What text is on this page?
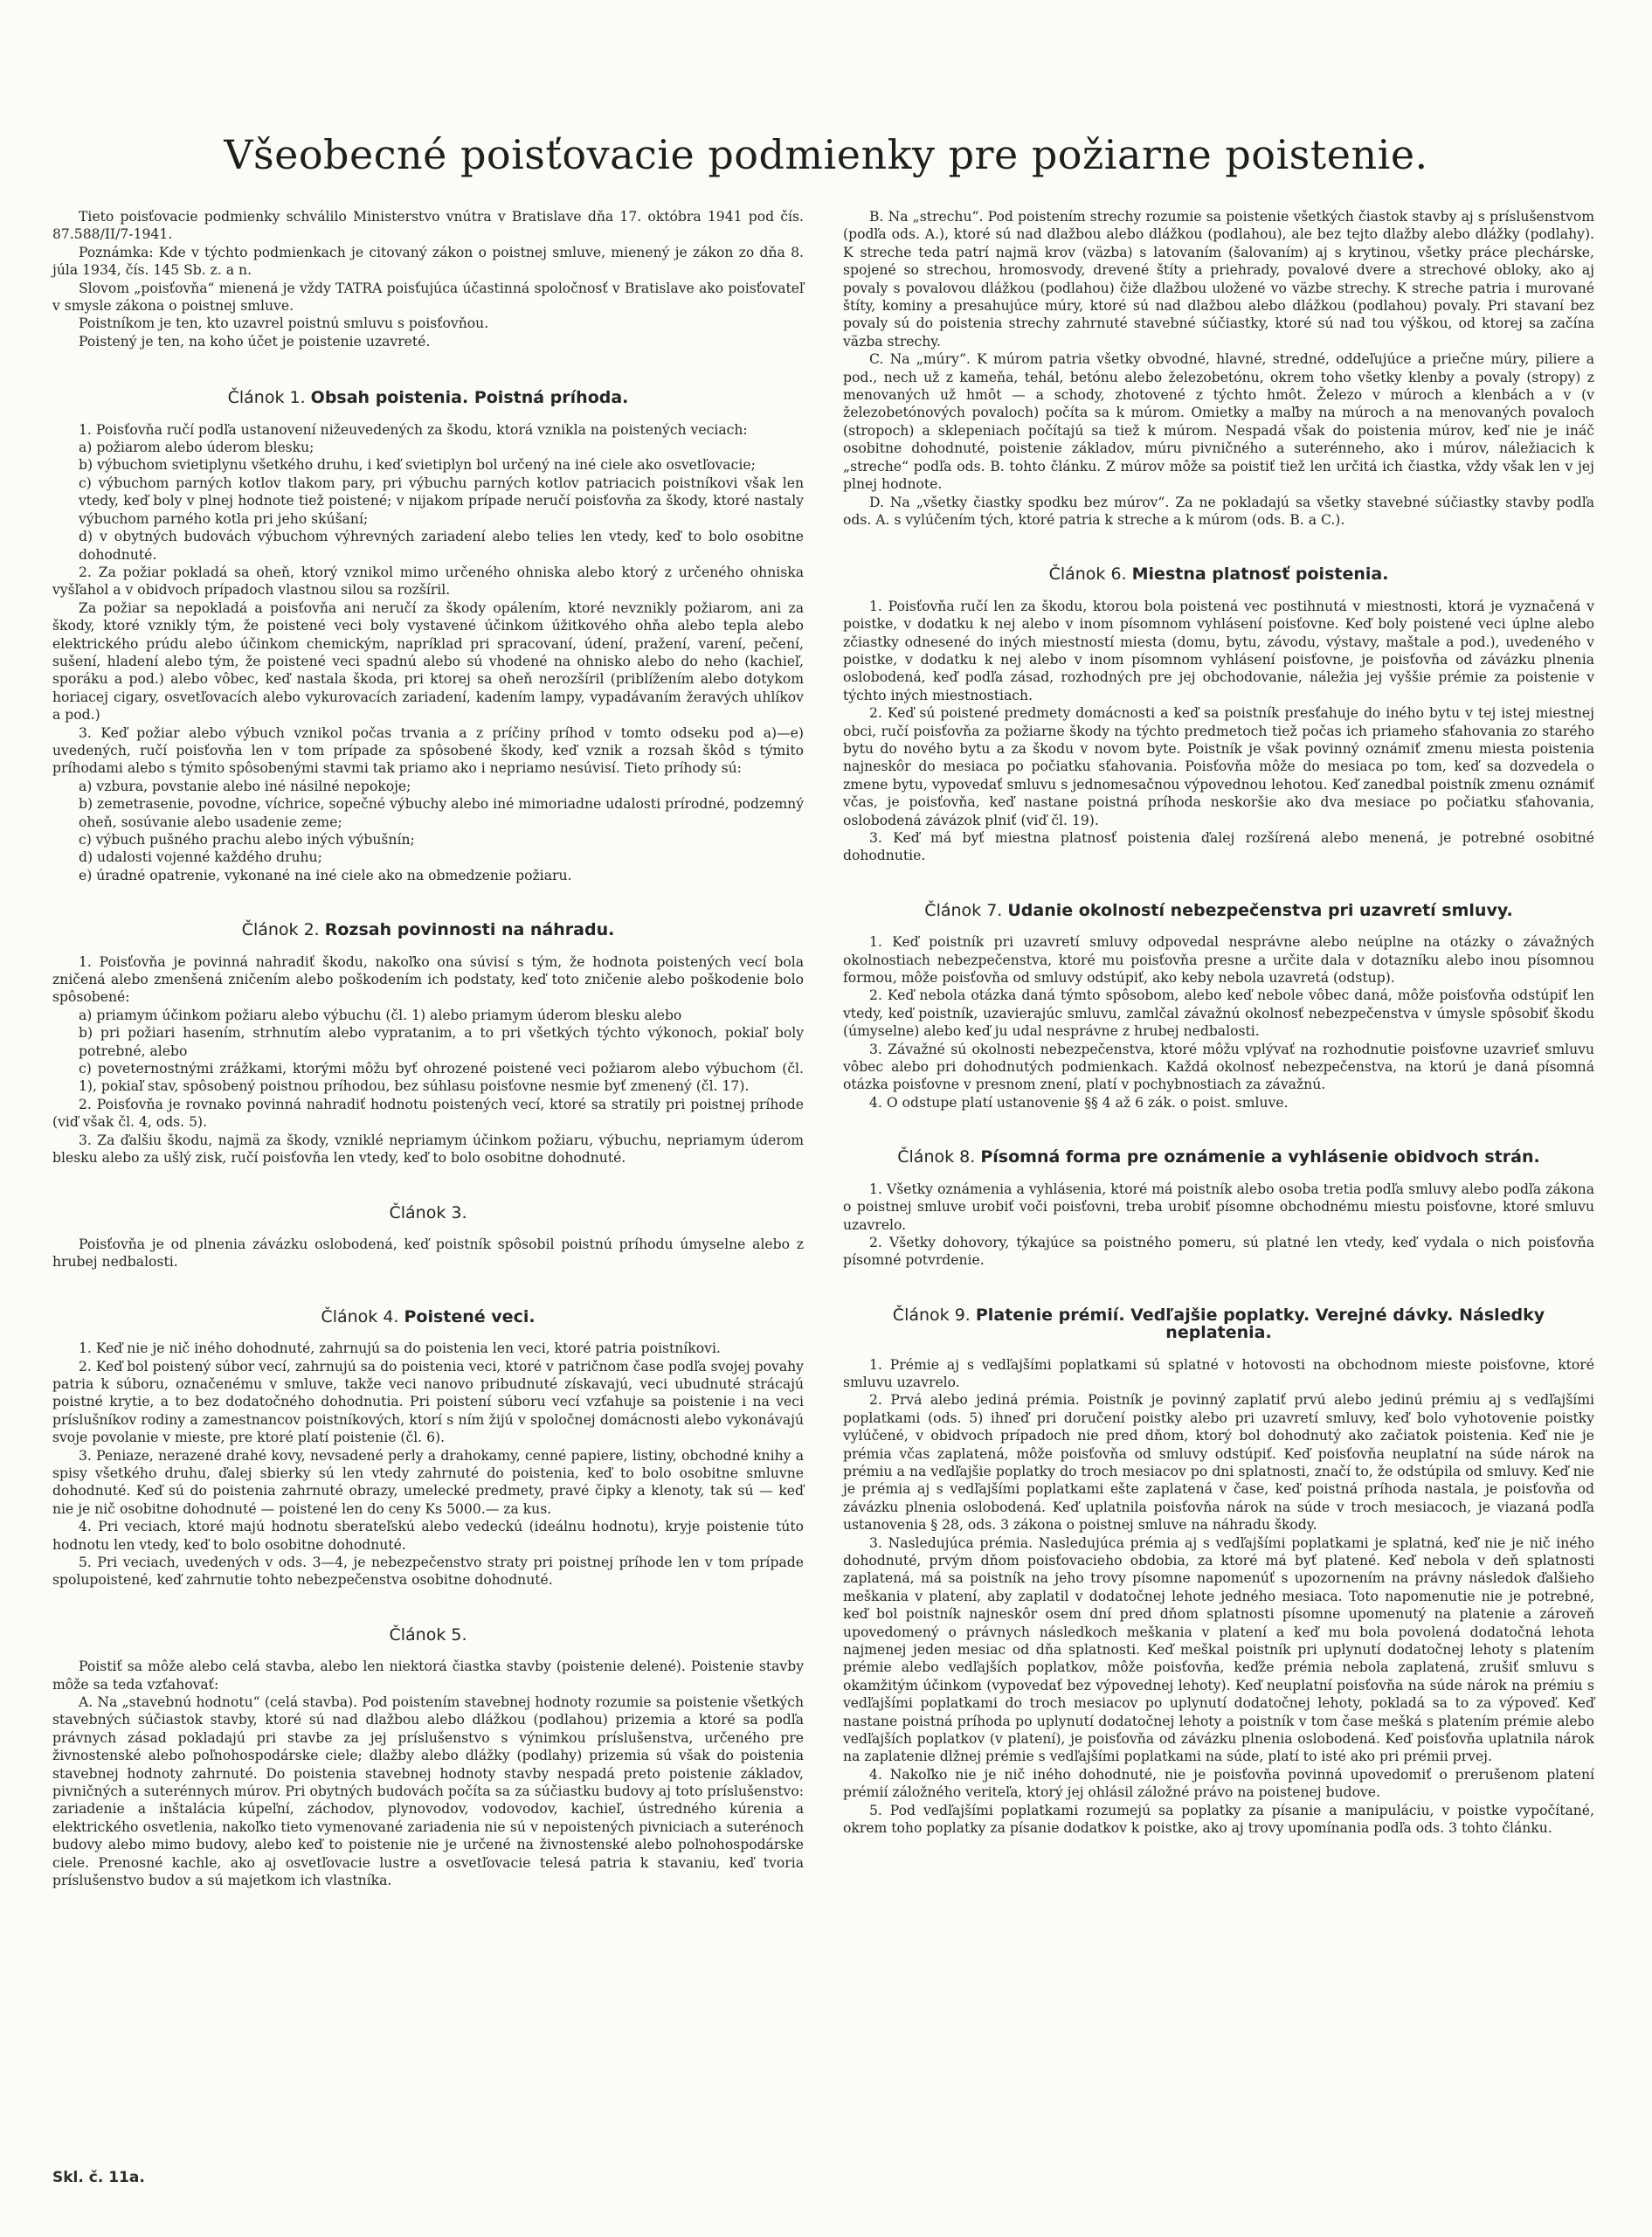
Všeobecné poisťovacie podmienky pre požiarne poistenie.

Tieto poisťovacie podmienky schválilo Ministerstvo vnútra v Bratislave dňa 17. októbra 1941 pod čís. 87.588/II/7-1941.

Poznámka: Kde v týchto podmienkach je citovaný zákon o poistnej smluve, mienený je zákon zo dňa 8. júla 1934, čís. 145 Sb. z. a n.

Slovom „poisťovňa“ mienená je vždy TATRA poisťujúca účastinná spoločnosť v Bratislave ako poisťovateľ v smysle zákona o poistnej smluve.

Poistníkom je ten, kto uzavrel poistnú smluvu s poisťovňou.

Poistený je ten, na koho účet je poistenie uzavreté.

Článok 1. Obsah poistenia. Poistná príhoda.

1. Poisťovňa ručí podľa ustanovení nižeuvedených za škodu, ktorá vznikla na poistených veciach:

a) požiarom alebo úderom blesku;

b) výbuchom svietiplynu všetkého druhu, i keď svietiplyn bol určený na iné ciele ako osvetľovacie;

c) výbuchom parných kotlov tlakom pary, pri výbuchu parných kotlov patriacich poistníkovi však len vtedy, keď boly v plnej hodnote tiež poistené; v nijakom prípade neručí poisťovňa za škody, ktoré nastaly výbuchom parného kotla pri jeho skúšaní;

d) v obytných budovách výbuchom výhrevných zariadení alebo telies len vtedy, keď to bolo osobitne dohodnuté.

2. Za požiar pokladá sa oheň, ktorý vznikol mimo určeného ohniska alebo ktorý z určeného ohniska vyšľahol a v obidvoch prípadoch vlastnou silou sa rozšíril.

Za požiar sa nepokladá a poisťovňa ani neručí za škody opálením, ktoré nevznikly požiarom, ani za škody, ktoré vznikly tým, že poistené veci boly vystavené účinkom úžitkového ohňa alebo tepla alebo elektrického prúdu alebo účinkom chemickým, napríklad pri spracovaní, údení, pražení, varení, pečení, sušení, hladení alebo tým, že poistené veci spadnú alebo sú vhodené na ohnisko alebo do neho (kachieľ, sporáku a pod.) alebo vôbec, keď nastala škoda, pri ktorej sa oheň nerozšíril (priblížením alebo dotykom horiacej cigary, osvetľovacích alebo vykurovacích zariadení, kadením lampy, vypadávaním žeravých uhlíkov a pod.)

3. Keď požiar alebo výbuch vznikol počas trvania a z príčiny príhod v tomto odseku pod a)—e) uvedených, ručí poisťovňa len v tom prípade za spôsobené škody, keď vznik a rozsah škôd s týmito príhodami alebo s týmito spôsobenými stavmi tak priamo ako i nepriamo nesúvisí. Tieto príhody sú:

a) vzbura, povstanie alebo iné násilné nepokoje;

b) zemetrasenie, povodne, víchrice, sopečné výbuchy alebo iné mimoriadne udalosti prírodné, podzemný oheň, sosúvanie alebo usadenie zeme;

c) výbuch pušného prachu alebo iných výbušnín;

d) udalosti vojenné každého druhu;

e) úradné opatrenie, vykonané na iné ciele ako na obmedzenie požiaru.

Článok 2. Rozsah povinnosti na náhradu.

1. Poisťovňa je povinná nahradiť škodu, nakoľko ona súvisí s tým, že hodnota poistených vecí bola zničená alebo zmenšená zničením alebo poškodením ich podstaty, keď toto zničenie alebo poškodenie bolo spôsobené:

a) priamym účinkom požiaru alebo výbuchu (čl. 1) alebo priamym úderom blesku alebo

b) pri požiari hasením, strhnutím alebo vypratanim, a to pri všetkých týchto výkonoch, pokiaľ boly potrebné, alebo

c) poveternostnými zrážkami, ktorými môžu byť ohrozené poistené veci požiarom alebo výbuchom (čl. 1), pokiaľ stav, spôsobený poistnou príhodou, bez súhlasu poisťovne nesmie byť zmenený (čl. 17).

2. Poisťovňa je rovnako povinná nahradiť hodnotu poistených vecí, ktoré sa stratily pri poistnej príhode (viď však čl. 4, ods. 5).

3. Za ďalšiu škodu, najmä za škody, vzniklé nepriamym účinkom požiaru, výbuchu, nepriamym úderom blesku alebo za ušlý zisk, ručí poisťovňa len vtedy, keď to bolo osobitne dohodnuté.

Článok 3.

Poisťovňa je od plnenia závázku oslobodená, keď poistník spôsobil poistnú príhodu úmyselne alebo z hrubej nedbalosti.

Článok 4. Poistené veci.

1. Keď nie je nič iného dohodnuté, zahrnujú sa do poistenia len veci, ktoré patria poistníkovi.

2. Keď bol poistený súbor vecí, zahrnujú sa do poistenia veci, ktoré v patričnom čase podľa svojej povahy patria k súboru, označenému v smluve, takže veci nanovo pribudnuté získavajú, veci ubudnuté strácajú poistné krytie, a to bez dodatočného dohodnutia. Pri poistení súboru vecí vzťahuje sa poistenie i na veci príslušníkov rodiny a zamestnancov poistníkových, ktorí s ním žijú v spoločnej domácnosti alebo vykonávajú svoje povolanie v mieste, pre ktoré platí poistenie (čl. 6).

3. Peniaze, nerazené drahé kovy, nevsadené perly a drahokamy, cenné papiere, listiny, obchodné knihy a spisy všetkého druhu, ďalej sbierky sú len vtedy zahrnuté do poistenia, keď to bolo osobitne smluvne dohodnuté. Keď sú do poistenia zahrnuté obrazy, umelecké predmety, pravé čipky a klenoty, tak sú — keď nie je nič osobitne dohodnuté — poistené len do ceny Ks 5000.— za kus.

4. Pri veciach, ktoré majú hodnotu sberateľskú alebo vedeckú (ideálnu hodnotu), kryje poistenie túto hodnotu len vtedy, keď to bolo osobitne dohodnuté.

5. Pri veciach, uvedených v ods. 3—4, je nebezpečenstvo straty pri poistnej príhode len v tom prípade spolupoistené, keď zahrnutie tohto nebezpečenstva osobitne dohodnuté.

Článok 5.

Poistiť sa môže alebo celá stavba, alebo len niektorá čiastka stavby (poistenie delené). Poistenie stavby môže sa teda vzťahovať:

A. Na „stavebnú hodnotu“ (celá stavba). Pod poistením stavebnej hodnoty rozumie sa poistenie všetkých stavebných súčiastok stavby, ktoré sú nad dlažbou alebo dlážkou (podlahou) prizemia a ktoré sa podľa právnych zásad pokladajú pri stavbe za jej príslušenstvo s výnimkou príslušenstva, určeného pre živnostenské alebo poľnohospodárske ciele; dlažby alebo dlážky (podlahy) prizemia sú však do poistenia stavebnej hodnoty zahrnuté. Do poistenia stavebnej hodnoty stavby nespadá preto poistenie základov, pivničných a suterénnych múrov. Pri obytných budovách počíta sa za súčiastku budovy aj toto príslušenstvo: zariadenie a inštalácia kúpeľní, záchodov, plynovodov, vodovodov, kachieľ, ústredného kúrenia a elektrického osvetlenia, nakoľko tieto vymenované zariadenia nie sú v nepoistených pivniciach a suterénoch budovy alebo mimo budovy, alebo keď to poistenie nie je určené na živnostenské alebo poľnohospodárske ciele. Prenosné kachle, ako aj osvetľovacie lustre a osvetľovacie telesá patria k stavaniu, keď tvoria príslušenstvo budov a sú majetkom ich vlastníka.

B. Na „strechu“. Pod poistením strechy rozumie sa poistenie všetkých čiastok stavby aj s príslušenstvom (podľa ods. A.), ktoré sú nad dlažbou alebo dlážkou (podlahou), ale bez tejto dlažby alebo dlážky (podlahy). K streche teda patrí najmä krov (väzba) s latovaním (šalovaním) aj s krytinou, všetky práce plechárske, spojené so strechou, hromosvody, drevené štíty a priehrady, povalové dvere a strechové obloky, ako aj povaly s povalovou dlážkou (podlahou) čiže dlažbou uložené vo väzbe strechy. K streche patria i murované štíty, kominy a presahujúce múry, ktoré sú nad dlažbou alebo dlážkou (podlahou) povaly. Pri stavaní bez povaly sú do poistenia strechy zahrnuté stavebné súčiastky, ktoré sú nad tou výškou, od ktorej sa začína väzba strechy.

C. Na „múry“. K múrom patria všetky obvodné, hlavné, stredné, oddeľujúce a priečne múry, piliere a pod., nech už z kameňa, tehál, betónu alebo železobetónu, okrem toho všetky klenby a povaly (stropy) z menovaných už hmôt — a schody, zhotovené z týchto hmôt. Železo v múroch a klenbách a v (v železobetónových povaloch) počíta sa k múrom. Omietky a maľby na múroch a na menovaných povaloch (stropoch) a sklepeniach počítajú sa tiež k múrom. Nespadá však do poistenia múrov, keď nie je ináč osobitne dohodnuté, poistenie základov, múru pivničného a suterénneho, ako i múrov, náležiacich k „streche“ podľa ods. B. tohto článku. Z múrov môže sa poistiť tiež len určitá ich čiastka, vždy však len v jej plnej hodnote.

D. Na „všetky čiastky spodku bez múrov“. Za ne pokladajú sa všetky stavebné súčiastky stavby podľa ods. A. s vylúčením tých, ktoré patria k streche a k múrom (ods. B. a C.).

Článok 6. Miestna platnosť poistenia.

1. Poisťovňa ručí len za škodu, ktorou bola poistená vec postihnutá v miestnosti, ktorá je vyznačená v poistke, v dodatku k nej alebo v inom písomnom vyhlásení poisťovne. Keď boly poistené veci úplne alebo zčiastky odnesené do iných miestností miesta (domu, bytu, závodu, výstavy, maštale a pod.), uvedeného v poistke, v dodatku k nej alebo v inom písomnom vyhlásení poisťovne, je poisťovňa od závázku plnenia oslobodená, keď podľa zásad, rozhodných pre jej obchodovanie, náležia jej vyššie prémie za poistenie v týchto iných miestnostiach.

2. Keď sú poistené predmety domácnosti a keď sa poistník presťahuje do iného bytu v tej istej miestnej obci, ručí poisťovňa za požiarne škody na týchto predmetoch tiež počas ich priameho sťahovania zo starého bytu do nového bytu a za škodu v novom byte. Poistník je však povinný oznámiť zmenu miesta poistenia najneskôr do mesiaca po počiatku sťahovania. Poisťovňa môže do mesiaca po tom, keď sa dozvedela o zmene bytu, vypovedať smluvu s jednomesačnou výpovednou lehotou. Keď zanedbal poistník zmenu oznámiť včas, je poisťovňa, keď nastane poistná príhoda neskoršie ako dva mesiace po počiatku sťahovania, oslobodená závázok plniť (viď čl. 19).

3. Keď má byť miestna platnosť poistenia ďalej rozšírená alebo menená, je potrebné osobitné dohodnutie.

Článok 7. Udanie okolností nebezpečenstva pri uzavretí smluvy.

1. Keď poistník pri uzavretí smluvy odpovedal nesprávne alebo neúplne na otázky o závažných okolnostiach nebezpečenstva, ktoré mu poisťovňa presne a určite dala v dotazníku alebo inou písomnou formou, môže poisťovňa od smluvy odstúpiť, ako keby nebola uzavretá (odstup).

2. Keď nebola otázka daná týmto spôsobom, alebo keď nebole vôbec daná, môže poisťovňa odstúpiť len vtedy, keď poistník, uzavierajúc smluvu, zamlčal závažnú okolnosť nebezpečenstva v úmysle spôsobiť škodu (úmyselne) alebo keď ju udal nesprávne z hrubej nedbalosti.

3. Závažné sú okolnosti nebezpečenstva, ktoré môžu vplývať na rozhodnutie poisťovne uzavrieť smluvu vôbec alebo pri dohodnutých podmienkach. Každá okolnosť nebezpečenstva, na ktorú je daná písomná otázka poisťovne v presnom znení, platí v pochybnostiach za závažnú.

4. O odstupe platí ustanovenie §§ 4 až 6 zák. o poist. smluve.

Článok 8. Písomná forma pre oznámenie a vyhlásenie obidvoch strán.

1. Všetky oznámenia a vyhlásenia, ktoré má poistník alebo osoba tretia podľa smluvy alebo podľa zákona o poistnej smluve urobiť voči poisťovni, treba urobiť písomne obchodnému miestu poisťovne, ktoré smluvu uzavrelo.

2. Všetky dohovory, týkajúce sa poistného pomeru, sú platné len vtedy, keď vydala o nich poisťovňa písomné potvrdenie.

Článok 9. Platenie prémií. Vedľajšie poplatky. Verejné dávky. Následky neplatenia.

1. Prémie aj s vedľajšími poplatkami sú splatné v hotovosti na obchodnom mieste poisťovne, ktoré smluvu uzavrelo.

2. Prvá alebo jediná prémia. Poistník je povinný zaplatiť prvú alebo jedinú prémiu aj s vedľajšími poplatkami (ods. 5) ihneď pri doručení poistky alebo pri uzavretí smluvy, keď bolo vyhotovenie poistky vylúčené, v obidvoch prípadoch nie pred dňom, ktorý bol dohodnutý ako začiatok poistenia. Keď nie je prémia včas zaplatená, môže poisťovňa od smluvy odstúpiť. Keď poisťovňa neuplatní na súde nárok na prémiu a na vedľajšie poplatky do troch mesiacov po dni splatnosti, značí to, že odstúpila od smluvy. Keď nie je prémia aj s vedľajšími poplatkami ešte zaplatená v čase, keď poistná príhoda nastala, je poisťovňa od závázku plnenia oslobodená. Keď uplatnila poisťovňa nárok na súde v troch mesiacoch, je viazaná podľa ustanovenia § 28, ods. 3 zákona o poistnej smluve na náhradu škody.

3. Nasledujúca prémia. Nasledujúca prémia aj s vedľajšími poplatkami je splatná, keď nie je nič iného dohodnuté, prvým dňom poisťovacieho obdobia, za ktoré má byť platené. Keď nebola v deň splatnosti zaplatená, má sa poistník na jeho trovy písomne napomenúť s upozornením na právny následok ďalšieho meškania v platení, aby zaplatil v dodatočnej lehote jedného mesiaca. Toto napomenutie nie je potrebné, keď bol poistník najneskôr osem dní pred dňom splatnosti písomne upomenutý na platenie a zároveň upovedomený o právnych následkoch meškania v platení a keď mu bola povolená dodatočná lehota najmenej jeden mesiac od dňa splatnosti. Keď meškal poistník pri uplynutí dodatočnej lehoty s platením prémie alebo vedľajších poplatkov, môže poisťovňa, keďže prémia nebola zaplatená, zrušiť smluvu s okamžitým účinkom (vypovedať bez výpovednej lehoty). Keď neuplatní poisťovňa na súde nárok na prémiu s vedľajšími poplatkami do troch mesiacov po uplynutí dodatočnej lehoty, pokladá sa to za výpoveď. Keď nastane poistná príhoda po uplynutí dodatočnej lehoty a poistník v tom čase mešká s platením prémie alebo vedľajších poplatkov (v platení), je poisťovňa od závázku plnenia oslobodená. Keď poisťovňa uplatnila nárok na zaplatenie dlžnej prémie s vedľajšími poplatkami na súde, platí to isté ako pri prémii prvej.

4. Nakoľko nie je nič iného dohodnuté, nie je poisťovňa povinná upovedomiť o prerušenom platení prémií záložného veriteľa, ktorý jej ohlásil záložné právo na poistenej budove.

5. Pod vedľajšími poplatkami rozumejú sa poplatky za písanie a manipuláciu, v poistke vypočítané, okrem toho poplatky za písanie dodatkov k poistke, ako aj trovy upomínania podľa ods. 3 tohto článku.

Skl. č. 11a.
